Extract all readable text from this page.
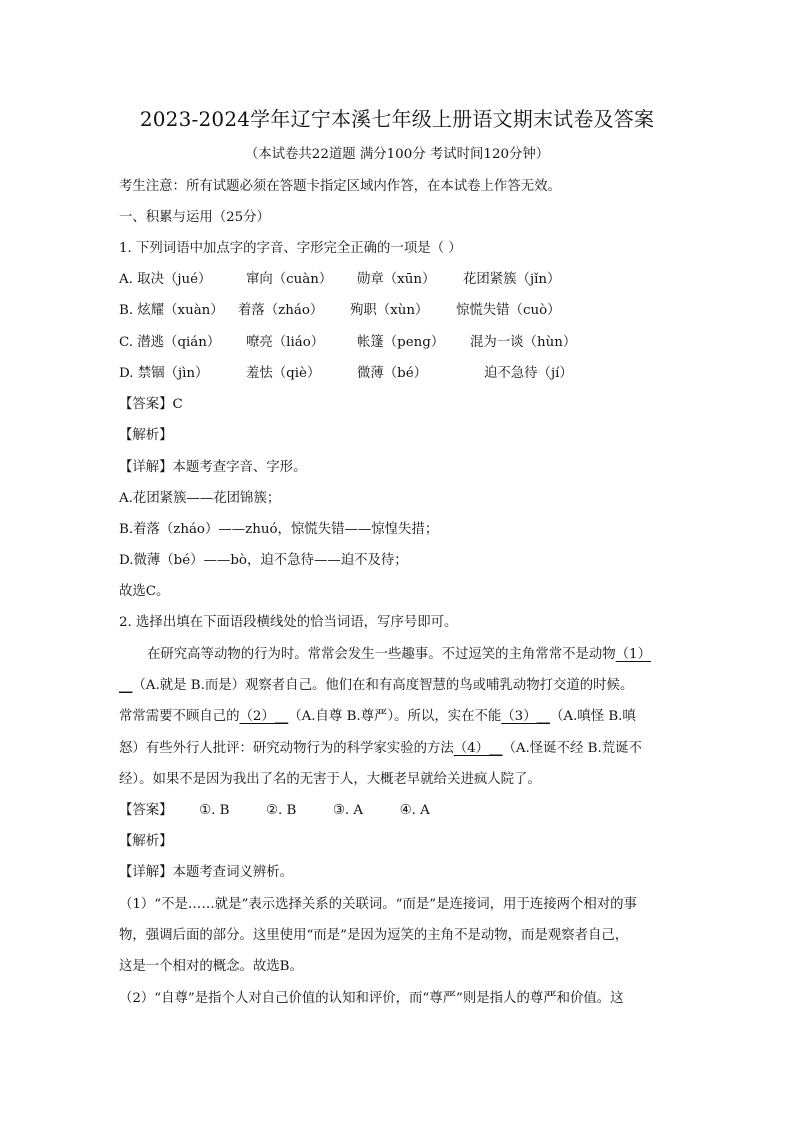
2023-2024学年辽宁本溪七年级上册语文期末试卷及答案
（本试卷共22道题 满分100分 考试时间120分钟）
考生注意：所有试题必须在答题卡指定区域内作答，在本试卷上作答无效。
一、积累与运用（25分）
1. 下列词语中加点字的字音、字形完全正确的一项是（ ）
A. 取决（jué）	窜向（cuàn） 勋章（xūn） 花团紧簇（jǐn）
B. 炫耀（xuàn） 着落（zháo） 殉职（xùn） 惊慌失错（cuò）
C. 潜逃（qián） 嘹亮（liáo） 帐篷（peng） 混为一谈（hùn）
D. 禁锢（jìn）	羞怯（qiè）	微薄（bé）	迫不急待（jí）
【答案】C
【解析】
【详解】本题考查字音、字形。
A.花团紧簇——花团锦簇；
B.着落（zháo）——zhuó，惊慌失错——惊惶失措；
D.微薄（bé）——bò，迫不急待——迫不及待；
故选C。
2. 选择出填在下面语段横线处的恰当词语，写序号即可。
在研究高等动物的行为时。常常会发生一些趣事。不过逗笑的主角常常不是动物（1）
__（A.就是 B.而是）观察者自己。他们在和有高度智慧的鸟或哺乳动物打交道的时候。
常常需要不顾自己的（2）__（A.自尊 B.尊严）。所以，实在不能（3）__（A.嗔怪 B.嗔
怒）有些外行人批评：研究动物行为的科学家实验的方法（4）__（A.怪诞不经 B.荒诞不
经）。如果不是因为我出了名的无害于人，大概老早就给关进疯人院了。
【答案】 ①. B	②. B	③. A	④. A
【解析】
【详解】本题考查词义辨析。
（1）“不是……就是”表示选择关系的关联词。“而是”是连接词，用于连接两个相对的事
物，强调后面的部分。这里使用“而是”是因为逗笑的主角不是动物，而是观察者自己，
这是一个相对的概念。故选B。
（2）“自尊”是指个人对自己价值的认知和评价，而“尊严”则是指人的尊严和价值。这
